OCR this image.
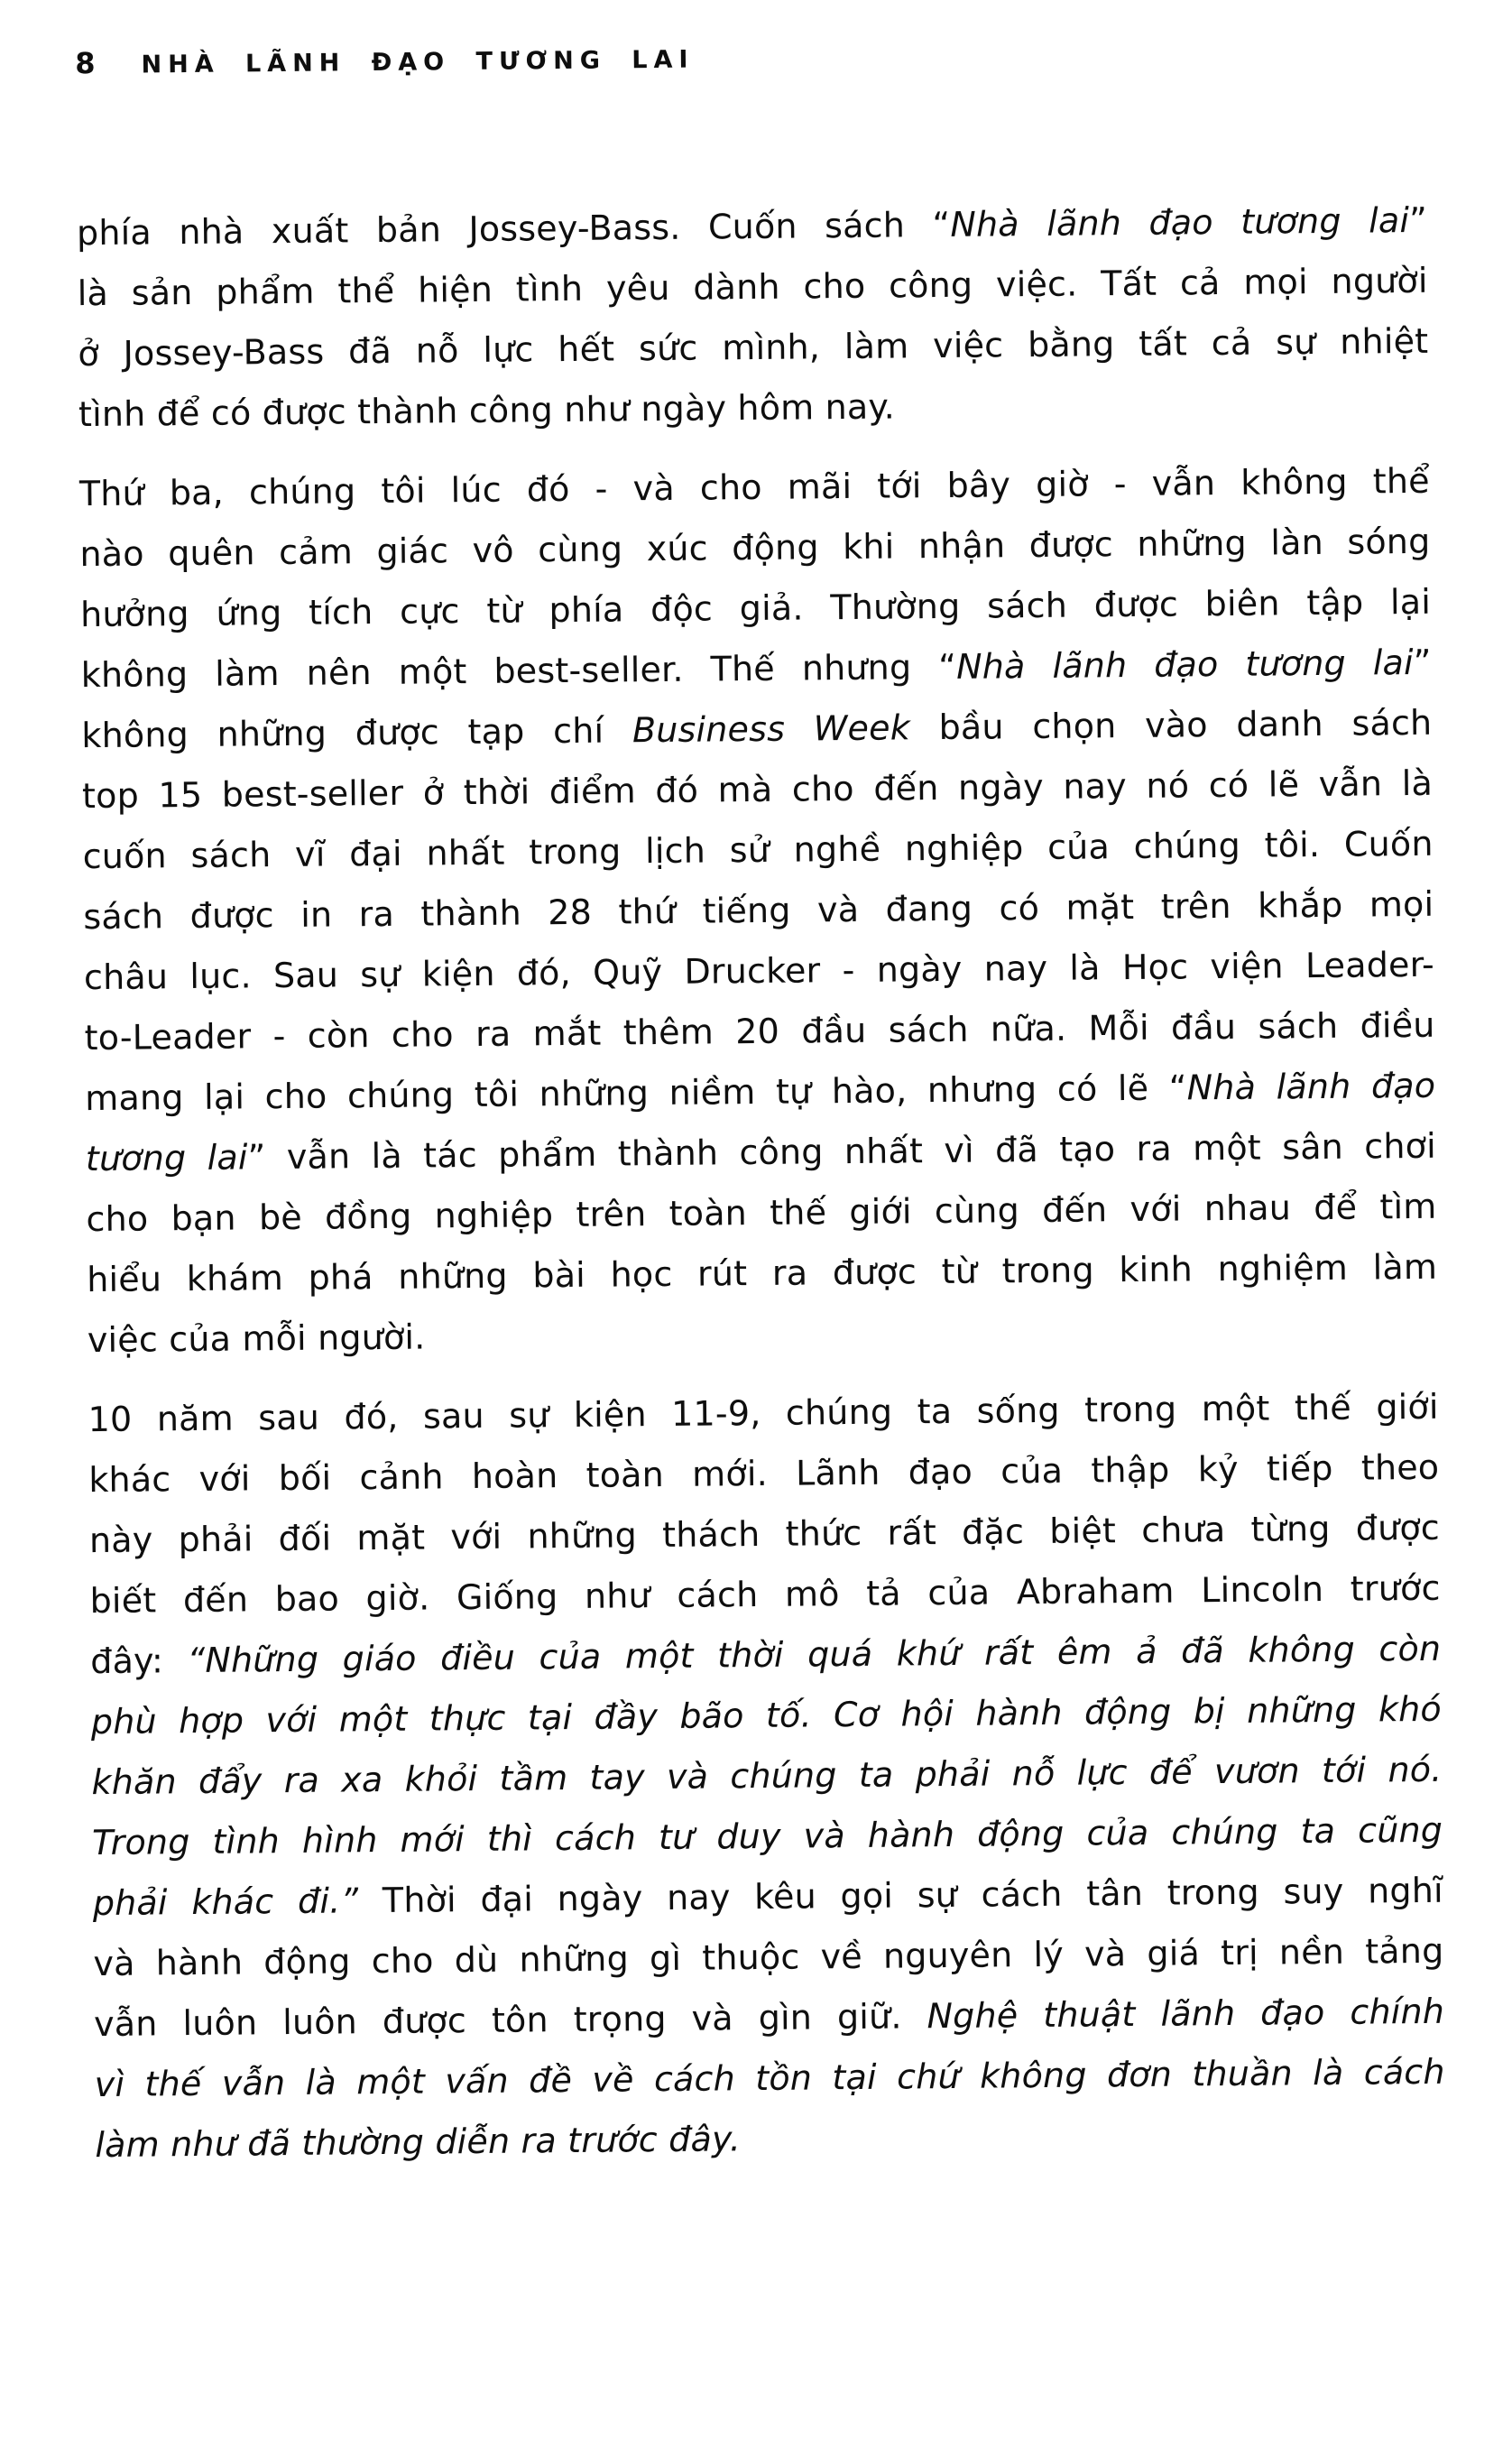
8 NHÀ LÃNH ĐẠO TƯƠNG LAI
phía nhà xuất bản Jossey-Bass. Cuốn sách “Nhà lãnh đạo tương lai”
là sản phẩm thể hiện tình yêu dành cho công việc. Tất cả mọi người
ở Jossey-Bass đã nỗ lực hết sức mình, làm việc bằng tất cả sự nhiệt
tình để có được thành công như ngày hôm nay.
Thứ ba, chúng tôi lúc đó - và cho mãi tới bây giờ - vẫn không thể
nào quên cảm giác vô cùng xúc động khi nhận được những làn sóng
hưởng ứng tích cực từ phía độc giả. Thường sách được biên tập lại
không làm nên một best-seller. Thế nhưng “Nhà lãnh đạo tương lai”
không những được tạp chí Business Week bầu chọn vào danh sách
top 15 best-seller ở thời điểm đó mà cho đến ngày nay nó có lẽ vẫn là
cuốn sách vĩ đại nhất trong lịch sử nghề nghiệp của chúng tôi. Cuốn
sách được in ra thành 28 thứ tiếng và đang có mặt trên khắp mọi
châu lục. Sau sự kiện đó, Quỹ Drucker - ngày nay là Học viện Leader-
to-Leader - còn cho ra mắt thêm 20 đầu sách nữa. Mỗi đầu sách điều
mang lại cho chúng tôi những niềm tự hào, nhưng có lẽ “Nhà lãnh đạo
tương lai” vẫn là tác phẩm thành công nhất vì đã tạo ra một sân chơi
cho bạn bè đồng nghiệp trên toàn thế giới cùng đến với nhau để tìm
hiểu khám phá những bài học rút ra được từ trong kinh nghiệm làm
việc của mỗi người.
10 năm sau đó, sau sự kiện 11-9, chúng ta sống trong một thế giới
khác với bối cảnh hoàn toàn mới. Lãnh đạo của thập kỷ tiếp theo
này phải đối mặt với những thách thức rất đặc biệt chưa từng được
biết đến bao giờ. Giống như cách mô tả của Abraham Lincoln trước
đây: “Những giáo điều của một thời quá khứ rất êm ả đã không còn
phù hợp với một thực tại đầy bão tố. Cơ hội hành động bị những khó
khăn đẩy ra xa khỏi tầm tay và chúng ta phải nỗ lực để vươn tới nó.
Trong tình hình mới thì cách tư duy và hành động của chúng ta cũng
phải khác đi.” Thời đại ngày nay kêu gọi sự cách tân trong suy nghĩ
và hành động cho dù những gì thuộc về nguyên lý và giá trị nền tảng
vẫn luôn luôn được tôn trọng và gìn giữ. Nghệ thuật lãnh đạo chính
vì thế vẫn là một vấn đề về cách tồn tại chứ không đơn thuần là cách
làm như đã thường diễn ra trước đây.
